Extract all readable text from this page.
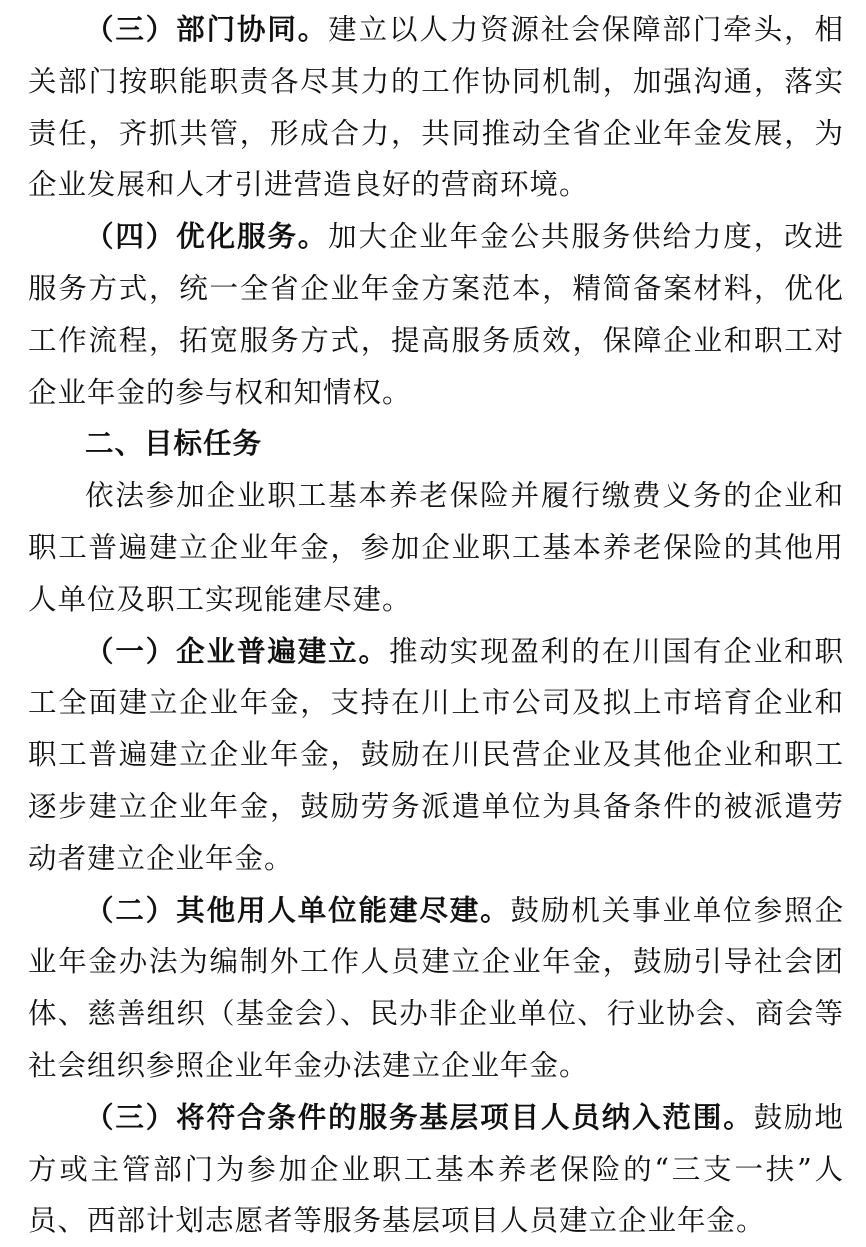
（三）部门协同。建立以人力资源社会保障部门牵头，相关部门按职能职责各尽其力的工作协同机制，加强沟通，落实责任，齐抓共管，形成合力，共同推动全省企业年金发展，为企业发展和人才引进营造良好的营商环境。

（四）优化服务。加大企业年金公共服务供给力度，改进服务方式，统一全省企业年金方案范本，精简备案材料，优化工作流程，拓宽服务方式，提高服务质效，保障企业和职工对企业年金的参与权和知情权。

二、目标任务

依法参加企业职工基本养老保险并履行缴费义务的企业和职工普遍建立企业年金，参加企业职工基本养老保险的其他用人单位及职工实现能建尽建。

（一）企业普遍建立。推动实现盈利的在川国有企业和职工全面建立企业年金，支持在川上市公司及拟上市培育企业和职工普遍建立企业年金，鼓励在川民营企业及其他企业和职工逐步建立企业年金，鼓励劳务派遣单位为具备条件的被派遣劳动者建立企业年金。

（二）其他用人单位能建尽建。鼓励机关事业单位参照企业年金办法为编制外工作人员建立企业年金，鼓励引导社会团体、慈善组织（基金会）、民办非企业单位、行业协会、商会等社会组织参照企业年金办法建立企业年金。

（三）将符合条件的服务基层项目人员纳入范围。鼓励地方或主管部门为参加企业职工基本养老保险的“三支一扶”人员、西部计划志愿者等服务基层项目人员建立企业年金。
